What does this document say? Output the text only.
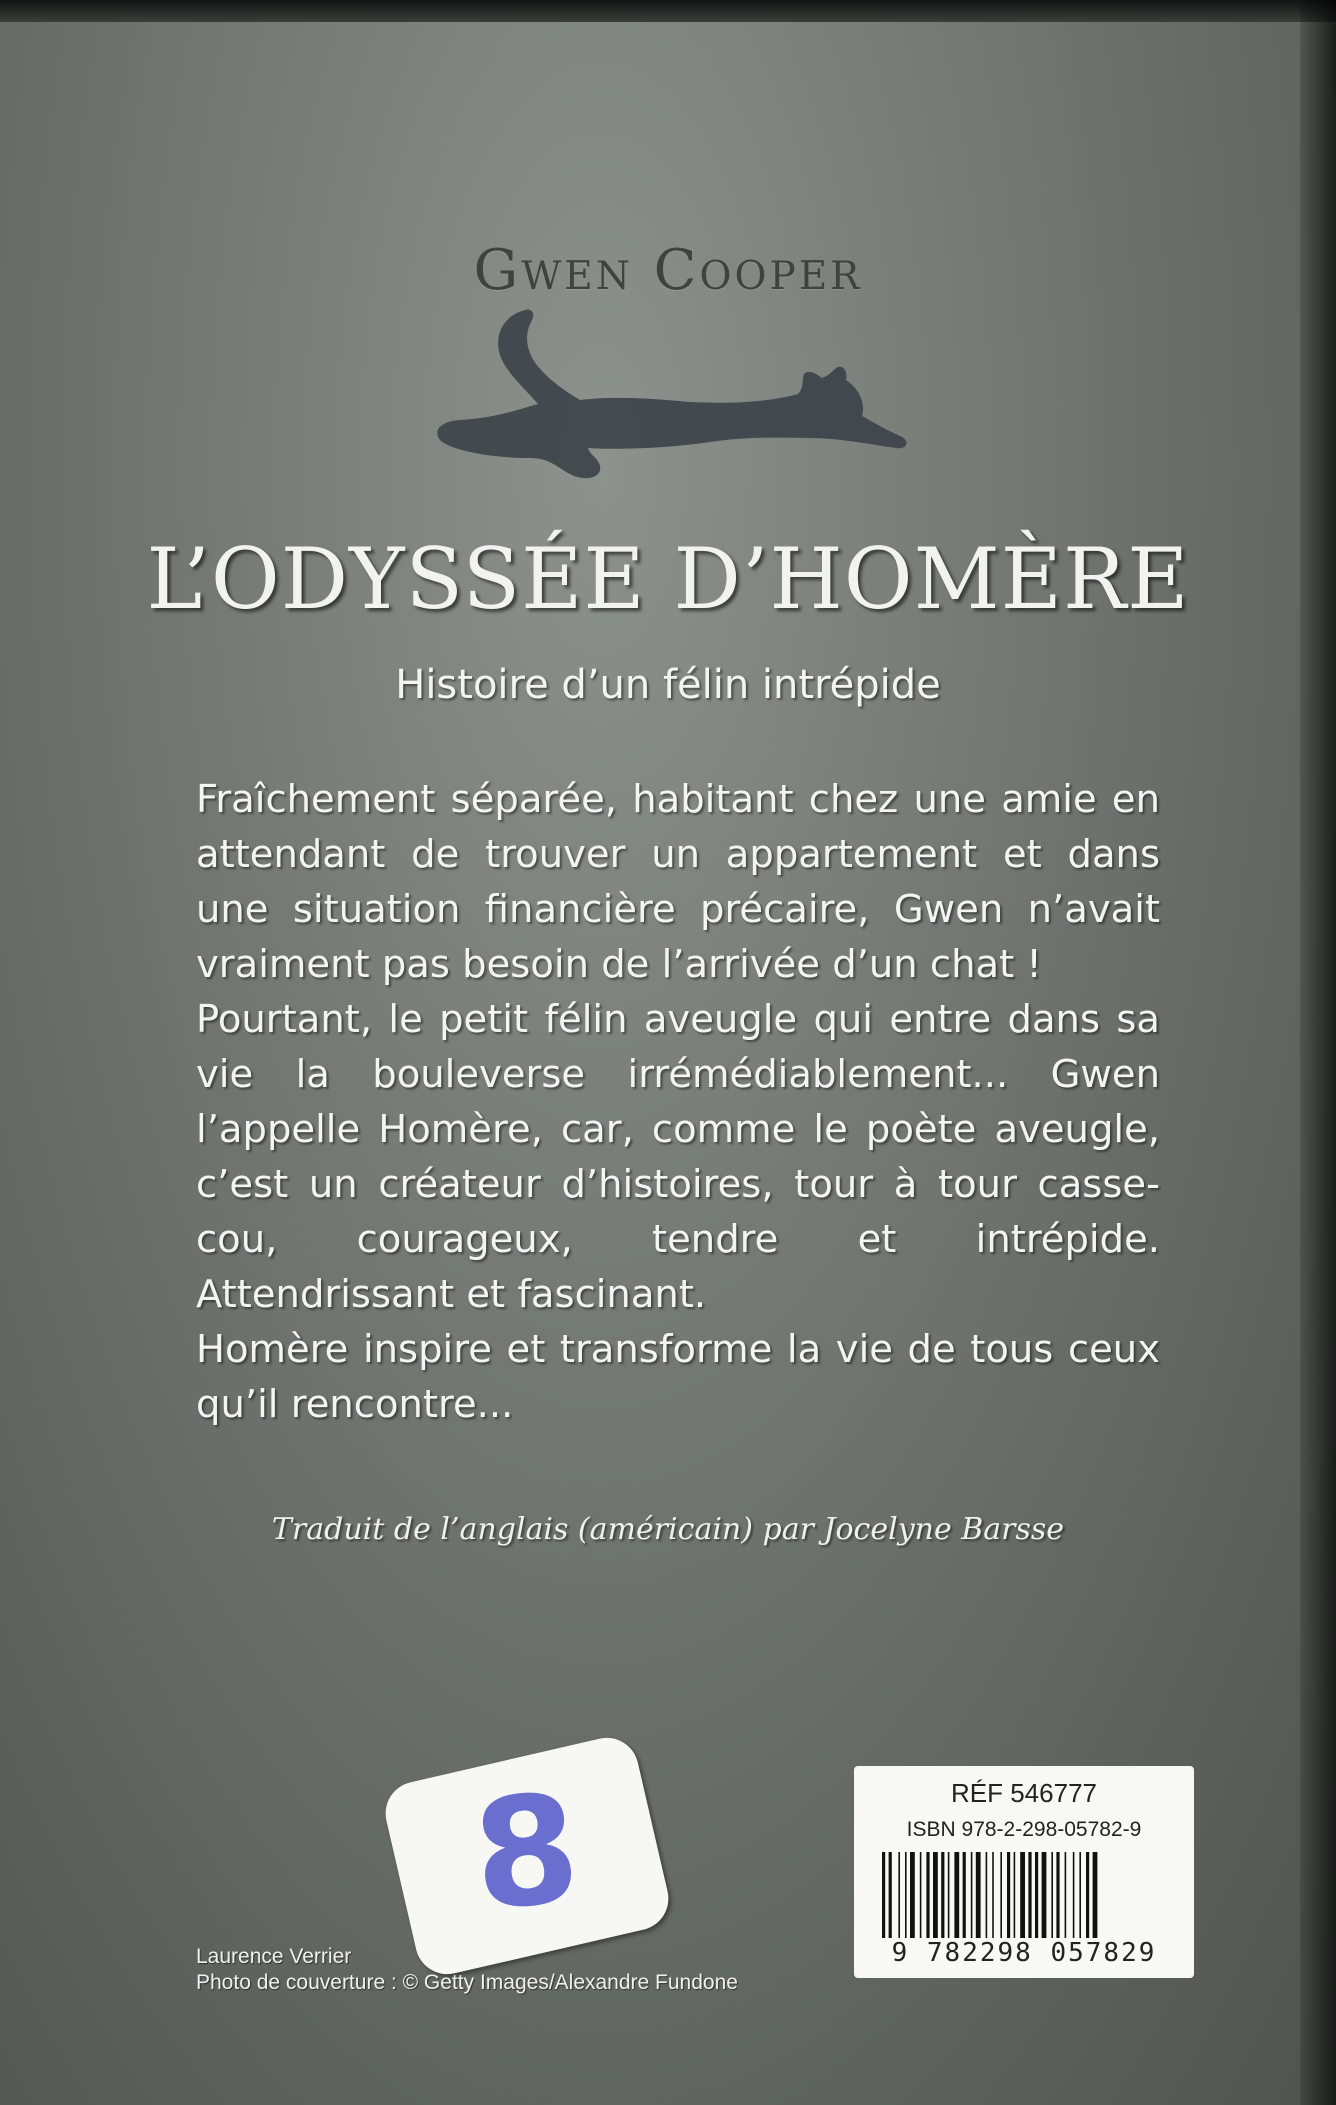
Gwen Cooper
L’ODYSSÉE D’HOMÈRE
Histoire d’un félin intrépide

Fraîchement séparée, habitant chez une amie en attendant de trouver un appartement et dans une situation financière précaire, Gwen n’avait vraiment pas besoin de l’arrivée d’un chat !

Pourtant, le petit félin aveugle qui entre dans sa vie la bouleverse irrémédiablement... Gwen l’appelle Homère, car, comme le poète aveugle, c’est un créateur d’histoires, tour à tour casse-cou, courageux, tendre et intrépide. Attendrissant et fascinant.

Homère inspire et transforme la vie de tous ceux qu’il rencontre...

Traduit de l’anglais (américain) par Jocelyne Barsse
8
Laurence Verrier
Photo de couverture : © Getty Images/Alexandre Fundone
RÉF 546777
ISBN 978-2-298-05782-9
9 782298 057829
